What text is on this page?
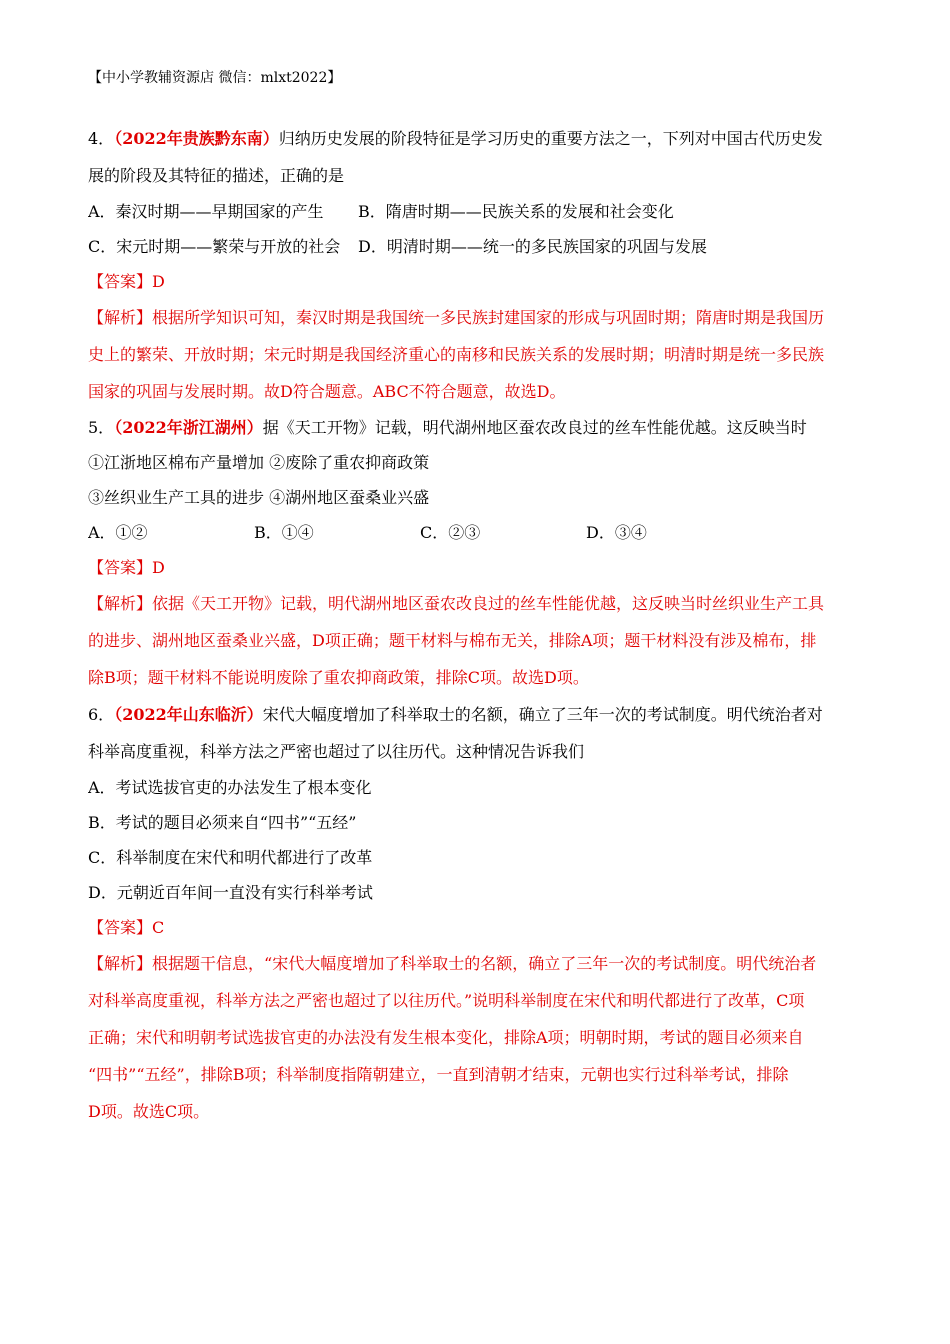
【中小学教辅资源店 微信：mlxt2022】
4．（2022年贵族黔东南）归纳历史发展的阶段特征是学习历史的重要方法之一，下列对中国古代历史发
展的阶段及其特征的描述，正确的是
A．秦汉时期——早期国家的产生 B．隋唐时期——民族关系的发展和社会变化
C．宋元时期——繁荣与开放的社会 D．明清时期——统一的多民族国家的巩固与发展
【答案】D
【解析】根据所学知识可知，秦汉时期是我国统一多民族封建国家的形成与巩固时期；隋唐时期是我国历
史上的繁荣、开放时期；宋元时期是我国经济重心的南移和民族关系的发展时期；明清时期是统一多民族
国家的巩固与发展时期。故D符合题意。ABC不符合题意，故选D。
5．（2022年浙江湖州）据《天工开物》记载，明代湖州地区蚕农改良过的丝车性能优越。这反映当时
①江浙地区棉布产量增加 ②废除了重农抑商政策
③丝织业生产工具的进步 ④湖州地区蚕桑业兴盛
A．①②	B．①④	C．②③	D．③④
【答案】D
【解析】依据《天工开物》记载，明代湖州地区蚕农改良过的丝车性能优越，这反映当时丝织业生产工具
的进步、湖州地区蚕桑业兴盛，D项正确；题干材料与棉布无关，排除A项；题干材料没有涉及棉布，排
除B项；题干材料不能说明废除了重农抑商政策，排除C项。故选D项。
6．（2022年山东临沂）宋代大幅度增加了科举取士的名额，确立了三年一次的考试制度。明代统治者对
科举高度重视，科举方法之严密也超过了以往历代。这种情况告诉我们
A．考试选拔官吏的办法发生了根本变化
B．考试的题目必须来自“四书”“五经”
C．科举制度在宋代和明代都进行了改革
D．元朝近百年间一直没有实行科举考试
【答案】C
【解析】根据题干信息，“宋代大幅度增加了科举取士的名额，确立了三年一次的考试制度。明代统治者
对科举高度重视，科举方法之严密也超过了以往历代。”说明科举制度在宋代和明代都进行了改革，C项
正确；宋代和明朝考试选拔官吏的办法没有发生根本变化，排除A项；明朝时期，考试的题目必须来自
“四书”“五经”，排除B项；科举制度指隋朝建立，一直到清朝才结束，元朝也实行过科举考试，排除
D项。故选C项。
